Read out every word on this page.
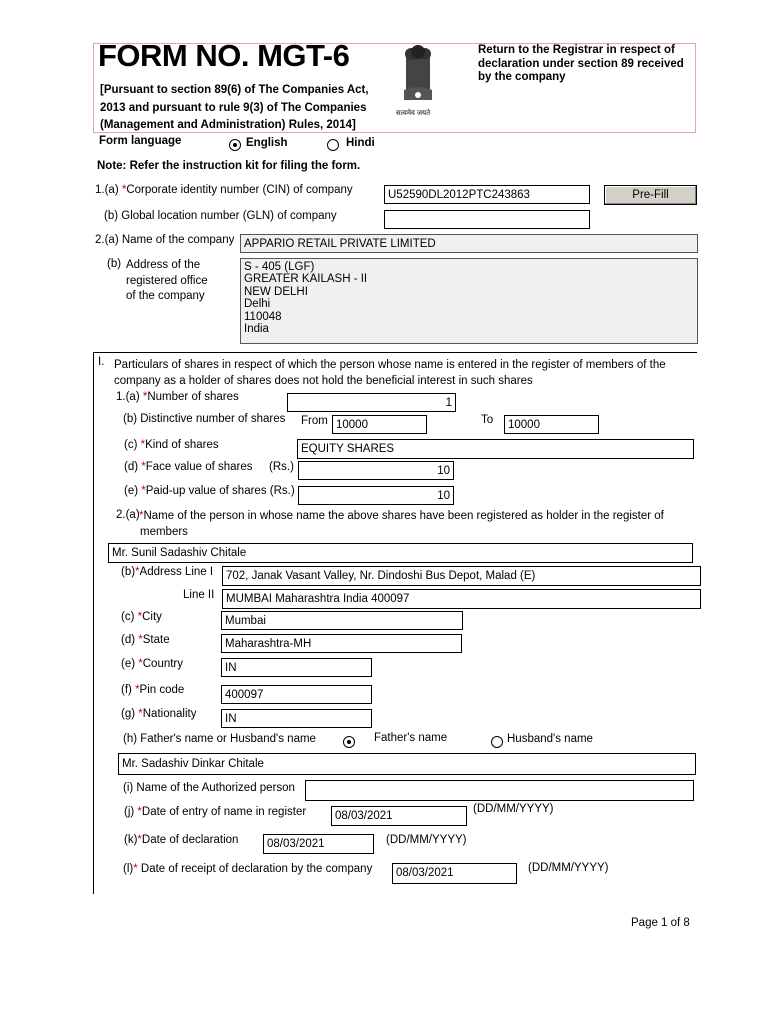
FORM NO. MGT-6
[Pursuant to section 89(6) of The Companies Act,
2013 and pursuant to rule 9(3) of The Companies
(Management and Administration) Rules, 2014]
सत्यमेव जयते
Return to the Registrar in respect of
declaration under section 89 received
by the company
Form language	English	Hindi
Note: Refer the instruction kit for filing the form.
1.(a) *Corporate identity number (CIN) of company	U52590DL2012PTC243863	Pre-Fill
(b) Global location number (GLN) of company
2.(a) Name of the company APPARIO RETAIL PRIVATE LIMITED
(b) Address of the
registered office
of the company
S - 405 (LGF)
GREATER KAILASH - II
NEW DELHI
Delhi
110048
India
I. Particulars of shares in respect of which the person whose name is entered in the register of members of the
company as a holder of shares does not hold the beneficial interest in such shares
1.(a) *Number of shares	1
(b) Distinctive number of shares From 10000	To	10000
(c) *Kind of shares	EQUITY SHARES
(d) *Face value of shares (Rs.)	10
(e) *Paid-up value of shares (Rs.)	10
2.(a) *Name of the person in whose name the above shares have been registered as holder in the register of
members
Mr. Sunil Sadashiv Chitale
(b)*Address Line I	702, Janak Vasant Valley, Nr. Dindoshi Bus Depot, Malad (E)
Line II	MUMBAI Maharashtra India 400097
(c) *City	Mumbai
(d) *State	Maharashtra-MH
(e) *Country	IN
(f) *Pin code	400097
(g) *Nationality	IN
(h) Father's name or Husband's name	Father's name	Husband's name
Mr. Sadashiv Dinkar Chitale
(i) Name of the Authorized person
(j) *Date of entry of name in register	08/03/2021
(DD/MM/YYYY)
(k)*Date of declaration	08/03/2021	(DD/MM/YYYY)
(l)* Date of receipt of declaration by the company	08/03/2021	(DD/MM/YYYY)
Page 1 of 8
